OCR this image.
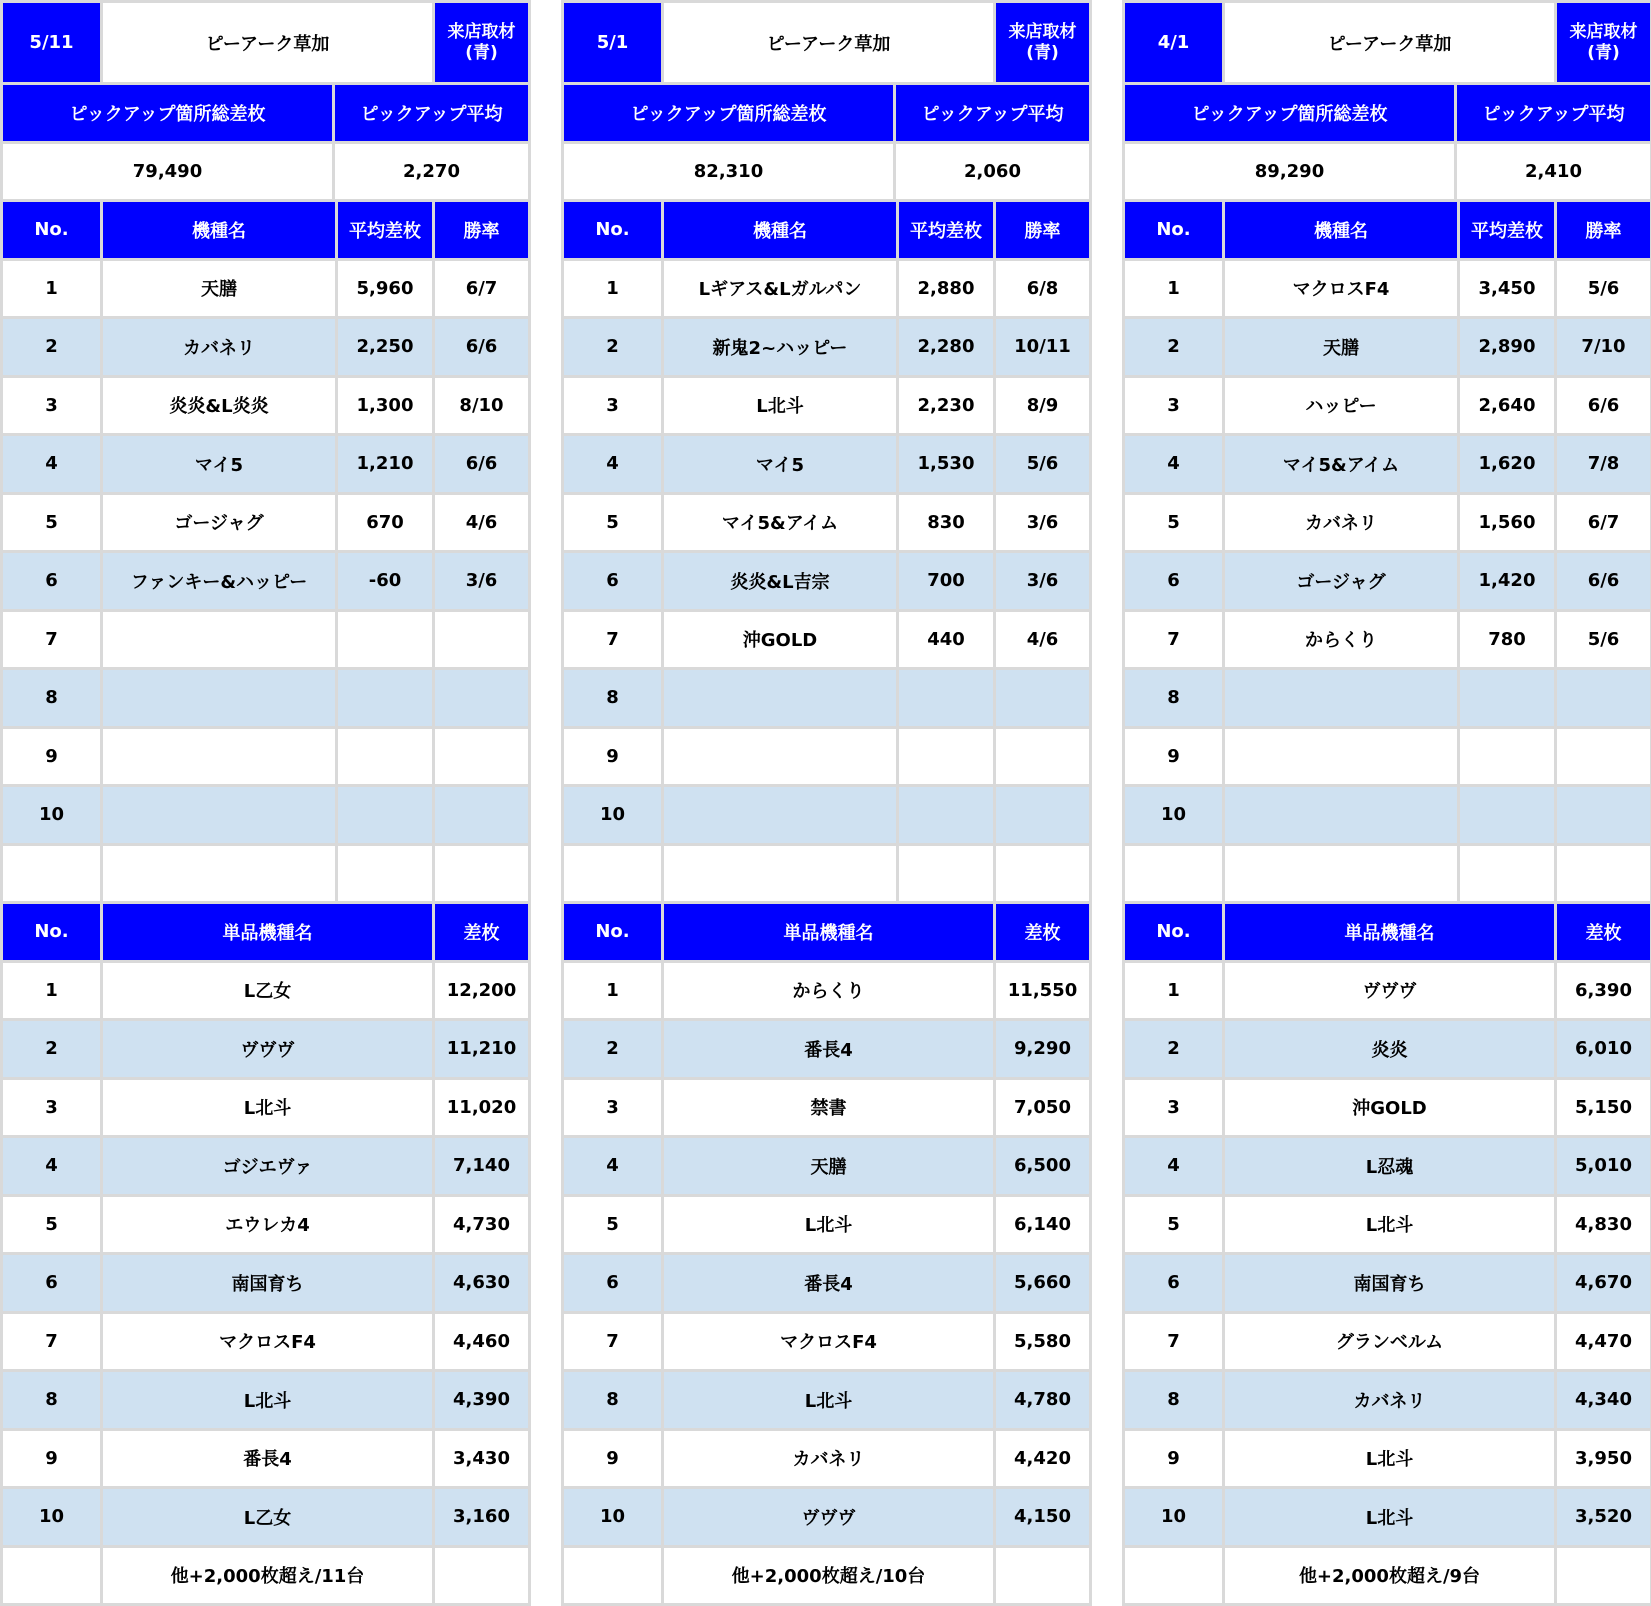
5/11	ピーアーク草加
来店取材
(青)
ピックアップ箇所総差枚	ピックアップ平均
79,490	2,270
No.	機種名	平均差枚	勝率
1	天膳	5,960	6/7
2	カバネリ	2,250	6/6
3	炎炎&L炎炎	1,300	8/10
4	マイ5	1,210	6/6
5	ゴージャグ	670	4/6
6	ファンキー&ハッピー	-60	3/6
7
8
9
10
No.	単品機種名	差枚
1	L乙女	12,200
2	ヴヴヴ	11,210
3	L北斗	11,020
4	ゴジエヴァ	7,140
5	エウレカ4	4,730
6	南国育ち	4,630
7	マクロスF4	4,460
8	L北斗	4,390
9	番長4	3,430
10	L乙女	3,160
他+2,000枚超え/11台
5/1	ピーアーク草加
来店取材
(青)
ピックアップ箇所総差枚	ピックアップ平均
82,310	2,060
No.	機種名	平均差枚	勝率
1	Lギアス&Lガルパン	2,880	6/8
2	新鬼2~ハッピー	2,280	10/11
3	L北斗	2,230	8/9
4	マイ5	1,530	5/6
5	マイ5&アイム	830	3/6
6	炎炎&L吉宗	700	3/6
7	沖GOLD	440	4/6
8
9
10
No.	単品機種名	差枚
1	からくり	11,550
2	番長4	9,290
3	禁書	7,050
4	天膳	6,500
5	L北斗	6,140
6	番長4	5,660
7	マクロスF4	5,580
8	L北斗	4,780
9	カバネリ	4,420
10	ヴヴヴ	4,150
他+2,000枚超え/10台
4/1	ピーアーク草加
来店取材
(青)
ピックアップ箇所総差枚	ピックアップ平均
89,290	2,410
No.	機種名	平均差枚	勝率
1	マクロスF4	3,450	5/6
2	天膳	2,890	7/10
3	ハッピー	2,640	6/6
4	マイ5&アイム	1,620	7/8
5	カバネリ	1,560	6/7
6	ゴージャグ	1,420	6/6
7	からくり	780	5/6
8
9
10
No.	単品機種名	差枚
1	ヴヴヴ	6,390
2	炎炎	6,010
3	沖GOLD	5,150
4	L忍魂	5,010
5	L北斗	4,830
6	南国育ち	4,670
7	グランベルム	4,470
8	カバネリ	4,340
9	L北斗	3,950
10	L北斗	3,520
他+2,000枚超え/9台
